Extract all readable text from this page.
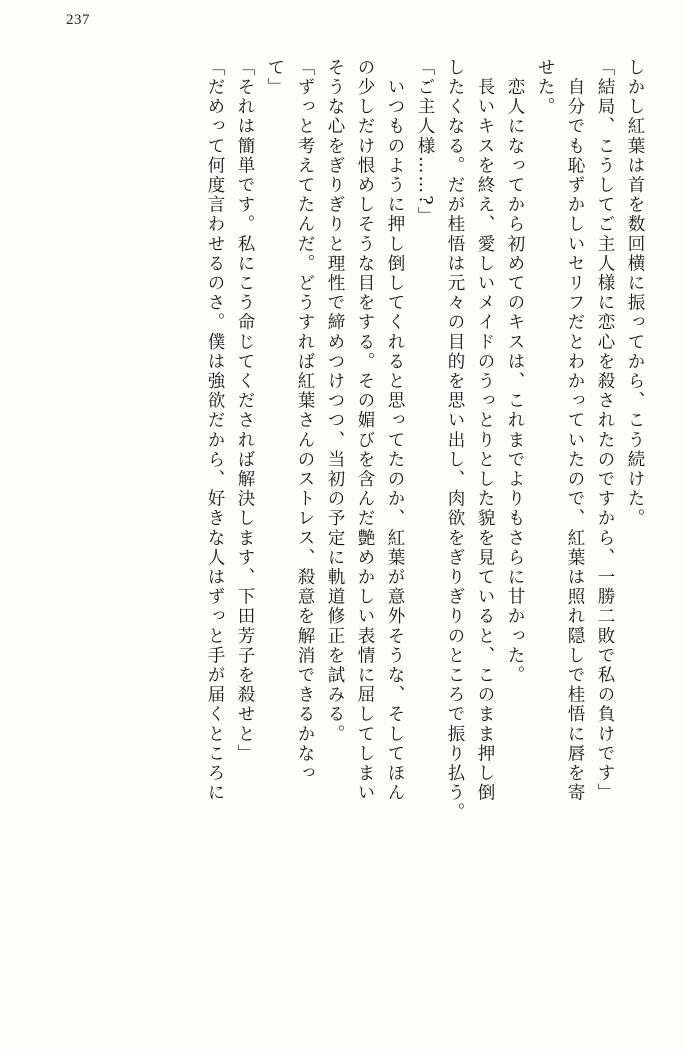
237
しかし紅葉は首を数回横に振ってから、こう続けた。
「結局、こうしてご主人様に恋心を殺されたのですから、一勝二敗で私の負けです」
　自分でも恥ずかしいセリフだとわかっていたので、紅葉は照れ隠しで桂悟に唇を寄
せた。
　恋人になってから初めてのキスは、これまでよりもさらに甘かった。
　長いキスを終え、愛しいメイドのうっとりとした貌を見ていると、このまま押し倒
したくなる。だが桂悟は元々の目的を思い出し、肉欲をぎりぎりのところで振り払う。
「ご主人様……?」
　いつものように押し倒してくれると思ってたのか、紅葉が意外そうな、そしてほん
の少しだけ恨めしそうな目をする。その媚びを含んだ艶めかしい表情に屈してしまい
そうな心をぎりぎりと理性で締めつけつつ、当初の予定に軌道修正を試みる。
「ずっと考えてたんだ。どうすれば紅葉さんのストレス、殺意を解消できるかなっ
て」
「それは簡単です。私にこう命じてくだされば解決します、下田芳子を殺せと」
「だめって何度言わせるのさ。僕は強欲だから、好きな人はずっと手が届くところに
